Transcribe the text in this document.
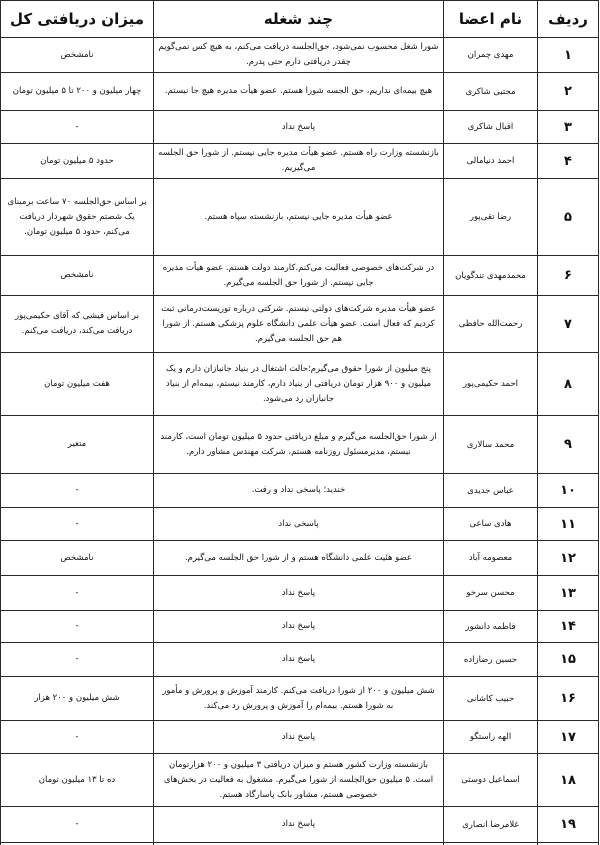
ردیف	نام اعضا	چند شغله	میزان دریافتی کل
۱	مهدی چمران	شورا شغل محسوب نمی‌شود، حق‌الجلسه دریافت می‌کنم، به هیچ کس نمی‌گویم چقدر دریافتی دارم حتی پدرم.	نامشخص
۲	مجتبی شاکری	هیچ بیمه‌ای نداریم، حق الجسه شورا هستم. عضو هیأت مدیره هیچ جا نیستم.	چهار میلیون و ۲۰۰ تا ۵ میلیون تومان
۳	اقبال شاکری	پاسخ نداد	-
۴	احمد دنیامالی	بازنشسته وزارت راه هستم. عضو هیأت مدیره جایی نیستم. از شورا حق الجلسه می‌گیریم.	حدود ۵ میلیون تومان
۵	رضا تقی‌پور	عضو هیأت مدیره جایی نیستم، بازنشسته سپاه هستم.	بر اساس حق‌الجلسه ۷۰ ساعت برمبنای یک شصتم حقوق شهردار دریافت می‌کنم، حدود ۵ میلیون تومان.
۶	محمدمهدی تندگویان	در شرکت‌های خصوصی فعالیت می‌کنم.کارمند دولت هستم. عضو هیأت مدیره جایی نیستم. از شورا حق الجلسه می‌گیرم.	نامشخص
۷	رحمت‌الله حافظی	عضو هیأت مدیره شرکت‌های دولتی نیستم. شرکتی درباره توریست‌درمانی ثبت کردیم که فعال است. عضو هیأت علمی دانشگاه علوم پزشکی هستم. از شورا هم حق الجلسه می‌گیرم.	بر اساس فیشی که آقای حکیمی‌پور دریافت می‌کند، دریافت می‌کنم.
۸	احمد حکیمی‌پور	پنج میلیون از شورا حقوق می‌گیرم؛حالت اشتغال در بنیاد جانبازان دارم و یک میلیون و ۹۰۰ هزار تومان دریافتی از بنیاد دارم، کارمند نیستم، بیمه‌ام از بنیاد جانبازان رد می‌شود.	هفت میلیون تومان
۹	محمد سالاری	از شورا حق‌الجلسه می‌گیرم و مبلغ دریافتی حدود ۵ میلیون تومان است، کارمند نیستم، مدیرمسئول روزنامه هستم، شرکت مهندس مشاور دارم.	متغیر
۱۰	عباس جدیدی	خندید؛ پاسخی نداد و رفت.	-
۱۱	هادی ساعی	پاسخی نداد	-
۱۲	معصومه آباد	عضو هئیت علمی دانشگاه هستم و از شورا حق الجلسه می‌گیرم.	نامشخص
۱۳	محسن سرخو	پاسخ نداد	-
۱۴	فاطمه دانشور	پاسخ نداد	-
۱۵	حسین رضازاده	پاسخ نداد	-
۱۶	حبیب کاشانی	شش میلیون و ۲۰۰ از شورا دریافت می‌کنم. کارمند آموزش و پرورش و مأمور به شورا هستم. بیمه‌ام را آموزش و پرورش رد می‌کند.	شش میلیون و ۲۰۰ هزار
۱۷	الهه راستگو	پاسخ نداد	-
۱۸	اسماعیل دوستی	بازنشسته وزارت کشور هستم و میزان دریافتی ۳ میلیون و ۲۰۰ هزارتومان است. ۵ میلیون حق‌الجلسه از شورا می‌گیرم. مشغول به فعالیت در بخش‌های خصوصی هستم، مشاور بانک پاسارگاد هستم.	ده تا ۱۳ میلیون تومان
۱۹	غلامرضا انصاری	پاسخ نداد	-
